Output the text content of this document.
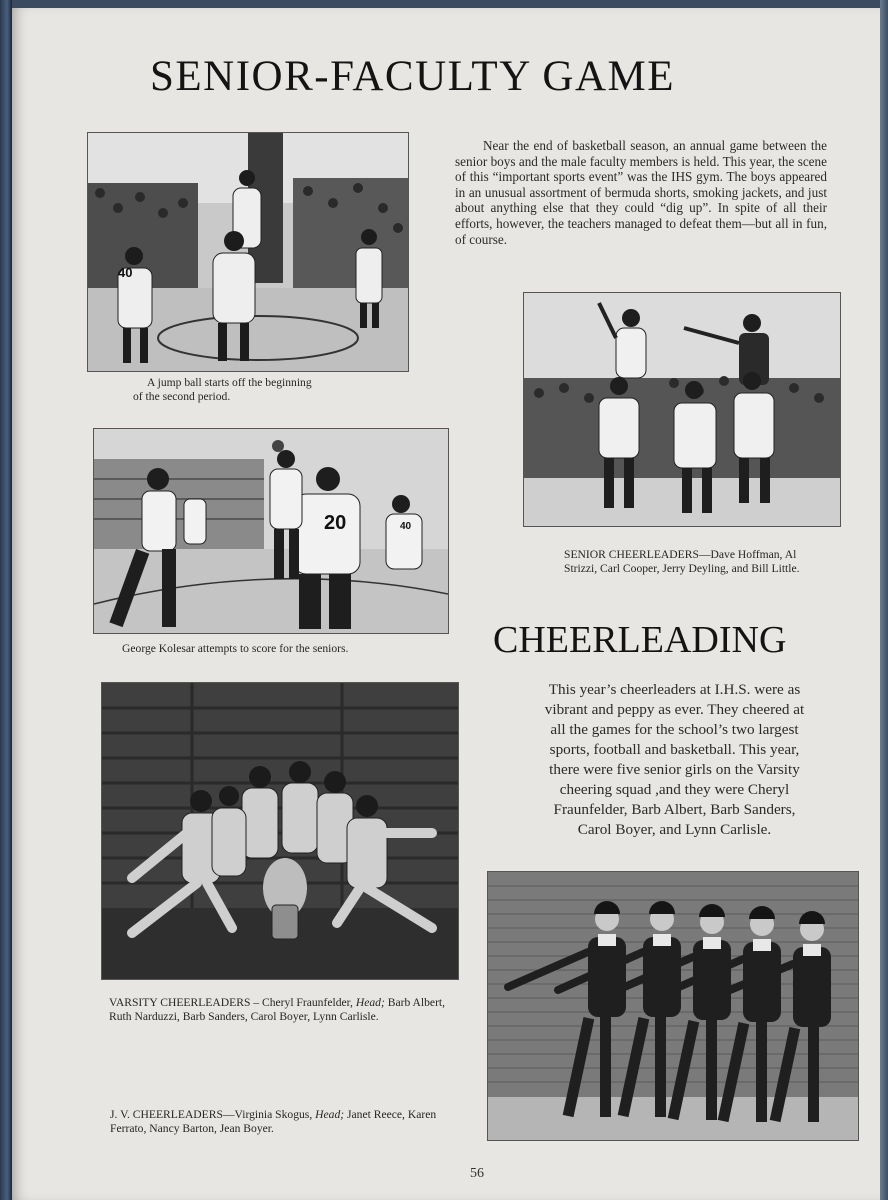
SENIOR-FACULTY GAME

Near the end of basketball season, an annual game between the senior boys and the male faculty members is held. This year, the scene of this “important sports event” was the IHS gym. The boys appeared in an unusual assortment of bermuda shorts, smoking jackets, and just about anything else that they could “dig up”. In spite of all their efforts, however, the teachers managed to defeat them—but all in fun, of course.

40

A jump ball starts off the beginning

of the second period.

SENIOR CHEERLEADERS—Dave Hoffman, Al Strizzi, Carl Cooper, Jerry Deyling, and Bill Little.

20	40

George Kolesar attempts to score for the seniors.	CHEERLEADING

This year’s cheerleaders at I.H.S. were as vibrant and peppy as ever. They cheered at all the games for the school’s two largest sports, football and basketball. This year, there were five senior girls on the Varsity cheering squad ,and they were Cheryl Fraunfelder, Barb Albert, Barb Sanders, Carol Boyer, and Lynn Carlisle.

VARSITY CHEERLEADERS – Cheryl Fraunfelder, Head; Barb Albert, Ruth Narduzzi, Barb Sanders, Carol Boyer, Lynn Carlisle.

J. V. CHEERLEADERS—Virginia Skogus, Head; Janet Reece, Karen Ferrato, Nancy Barton, Jean Boyer.

56
